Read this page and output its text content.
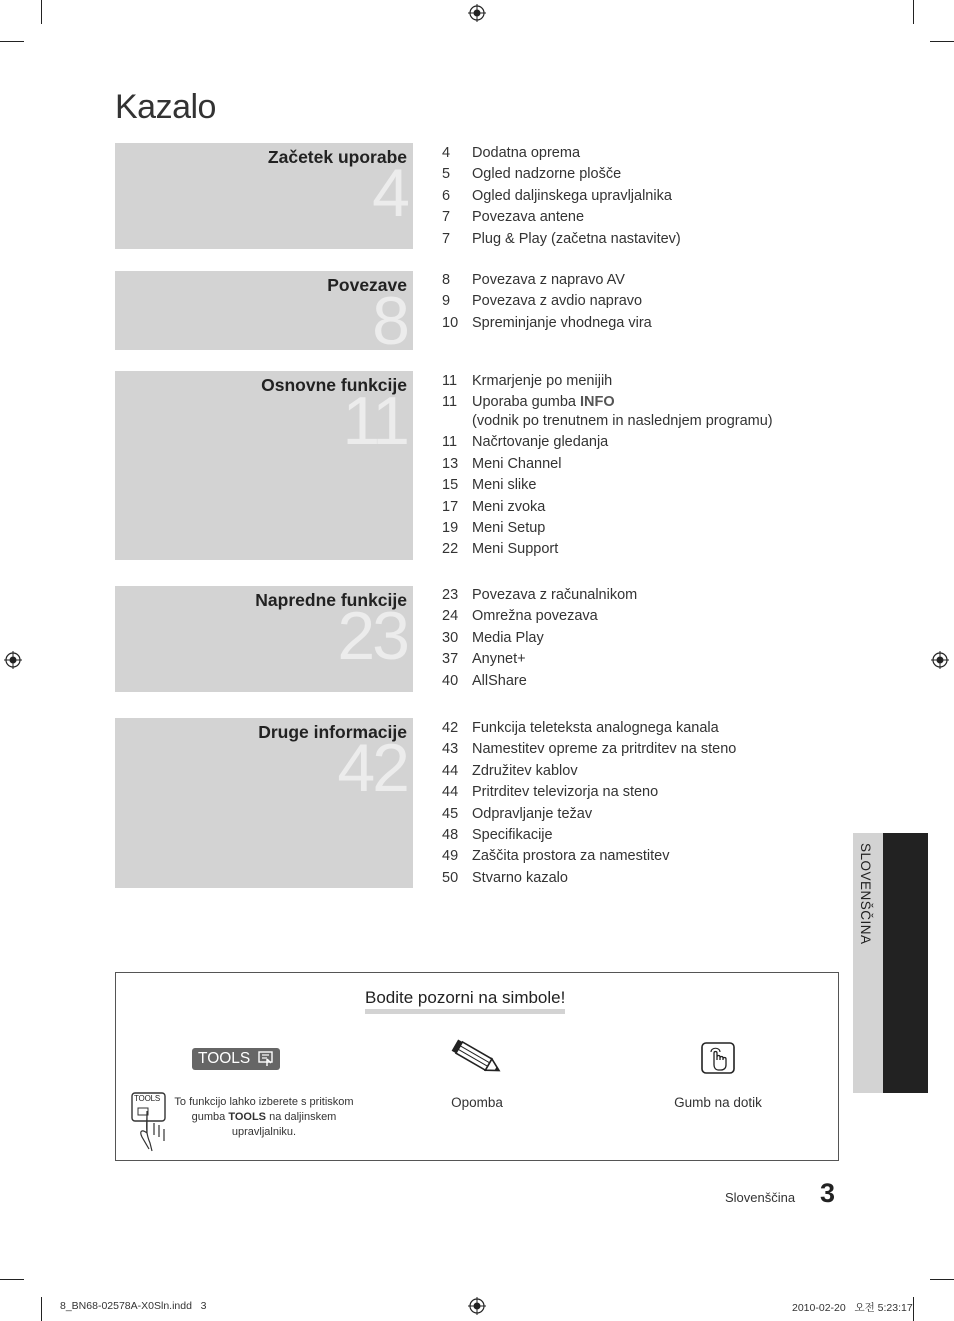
Kazalo
Začetek uporabe
4
4	Dodatna oprema
5	Ogled nadzorne plošče
6	Ogled daljinskega upravljalnika
7	Povezava antene
7	Plug & Play (začetna nastavitev)
Povezave
8
8	Povezava z napravo AV
9	Povezava z avdio napravo
10 Spreminjanje vhodnega vira
Osnovne funkcije
11
11	Krmarjenje po menijih
11	Uporaba gumba INFO
(vodnik po trenutnem in naslednjem programu)
11	Načrtovanje gledanja
13 Meni Channel
15 Meni slike
17 Meni zvoka
19 Meni Setup
22 Meni Support
Napredne funkcije
23
23 Povezava z računalnikom
24 Omrežna povezava
30 Media Play
37 Anynet+
40 AllShare
Druge informacije
42
42 Funkcija teleteksta analognega kanala
43 Namestitev opreme za pritrditev na steno
44 Združitev kablov
44 Pritrditev televizorja na steno
45 Odpravljanje težav
48 Specifikacije
49 Zaščita prostora za namestitev
50 Stvarno kazalo	SLOVENŠČINA
Bodite pozorni na simbole!
TOOLS
TOOLS To funkcijo lahko izberete s pritiskom
gumba TOOLS na daljinskem
upravljalniku.
Opomba	Gumb na dotik
Slovenščina 3
8_BN68-02578A-X0Sln.indd   3	2010-02-20   오전 5:23:17
